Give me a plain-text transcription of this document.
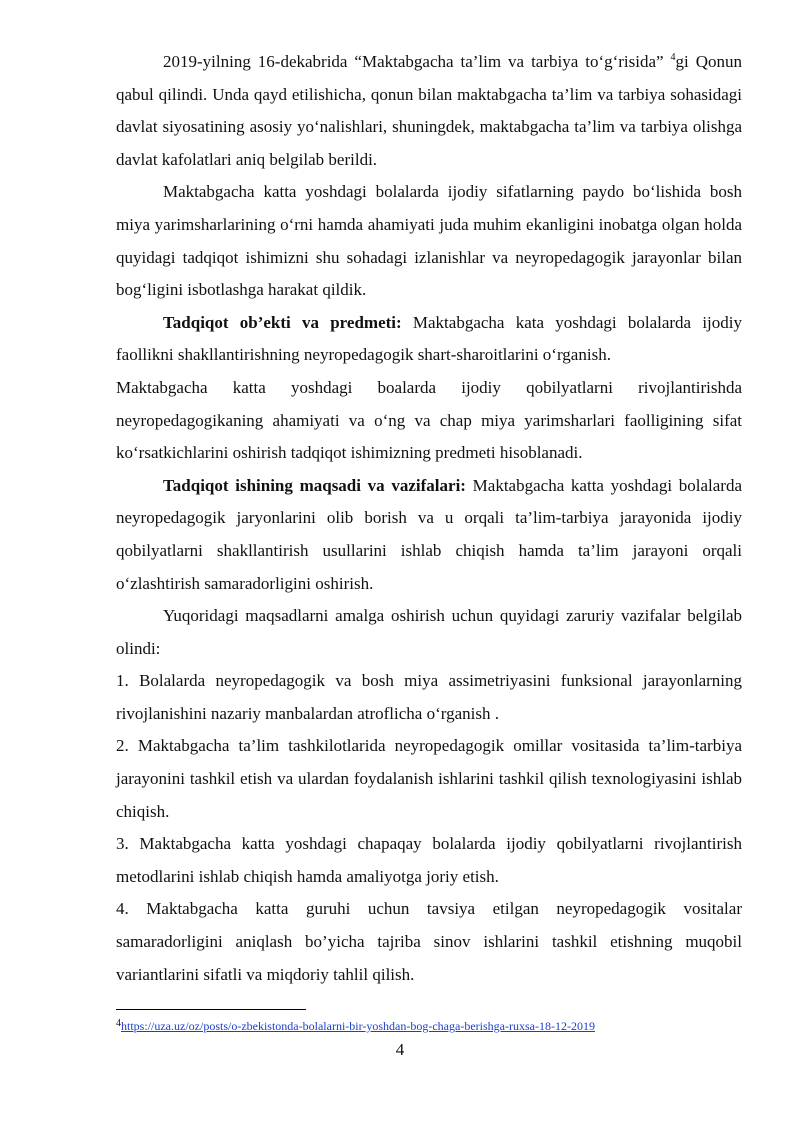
2019-yilning 16-dekabrida “Maktabgacha ta’lim va tarbiya to‘g‘risida” $^4$gi Qonun qabul qilindi. Unda qayd etilishicha, qonun bilan maktabgacha ta’lim va tarbiya sohasidagi davlat siyosatining asosiy yo‘nalishlari, shuningdek, maktabgacha ta’lim va tarbiya olishga davlat kafolatlari aniq belgilab berildi.

Maktabgacha katta yoshdagi bolalarda ijodiy sifatlarning paydo bo‘lishida bosh miya yarimsharlarining o‘rni hamda ahamiyati juda muhim ekanligini inobatga olgan holda quyidagi tadqiqot ishimizni shu sohadagi izlanishlar va neyropedagogik jarayonlar bilan bog‘ligini isbotlashga harakat qildik.

Tadqiqot ob’ekti va predmeti: Maktabgacha kata yoshdagi bolalarda ijodiy faollikni shakllantirishning neyropedagogik shart-sharoitlarini o‘rganish.

Maktabgacha katta yoshdagi boalarda ijodiy qobilyatlarni rivojlantirishda neyropedagogikaning ahamiyati va o‘ng va chap miya yarimsharlari faolligining sifat ko‘rsatkichlarini oshirish tadqiqot ishimizning predmeti hisoblanadi.

Tadqiqot ishining maqsadi va vazifalari: Maktabgacha katta yoshdagi bolalarda neyropedagogik jaryonlarini olib borish va u orqali ta’lim-tarbiya jarayonida ijodiy qobilyatlarni shakllantirish usullarini ishlab chiqish hamda ta’lim jarayoni orqali o‘zlashtirish samaradorligini oshirish.

Yuqoridagi maqsadlarni amalga oshirish uchun quyidagi zaruriy vazifalar belgilab olindi:

1. Bolalarda neyropedagogik va bosh miya assimetriyasini funksional jarayonlarning rivojlanishini nazariy manbalardan atroflicha o‘rganish .

2. Maktabgacha ta’lim tashkilotlarida neyropedagogik omillar vositasida ta’lim-tarbiya jarayonini tashkil etish va ulardan foydalanish ishlarini tashkil qilish texnologiyasini ishlab chiqish.

3. Maktabgacha katta yoshdagi chapaqay bolalarda ijodiy qobilyatlarni rivojlantirish metodlarini ishlab chiqish hamda amaliyotga joriy etish.

4. Maktabgacha katta guruhi uchun tavsiya etilgan neyropedagogik vositalar samaradorligini aniqlash bo’yicha tajriba sinov ishlarini tashkil etishning muqobil variantlarini sifatli va miqdoriy tahlil qilish.

$^4$https://uza.uz/oz/posts/o-zbekistonda-bolalarni-bir-yoshdan-bog-chaga-berishga-ruxsa-18-12-2019
4
